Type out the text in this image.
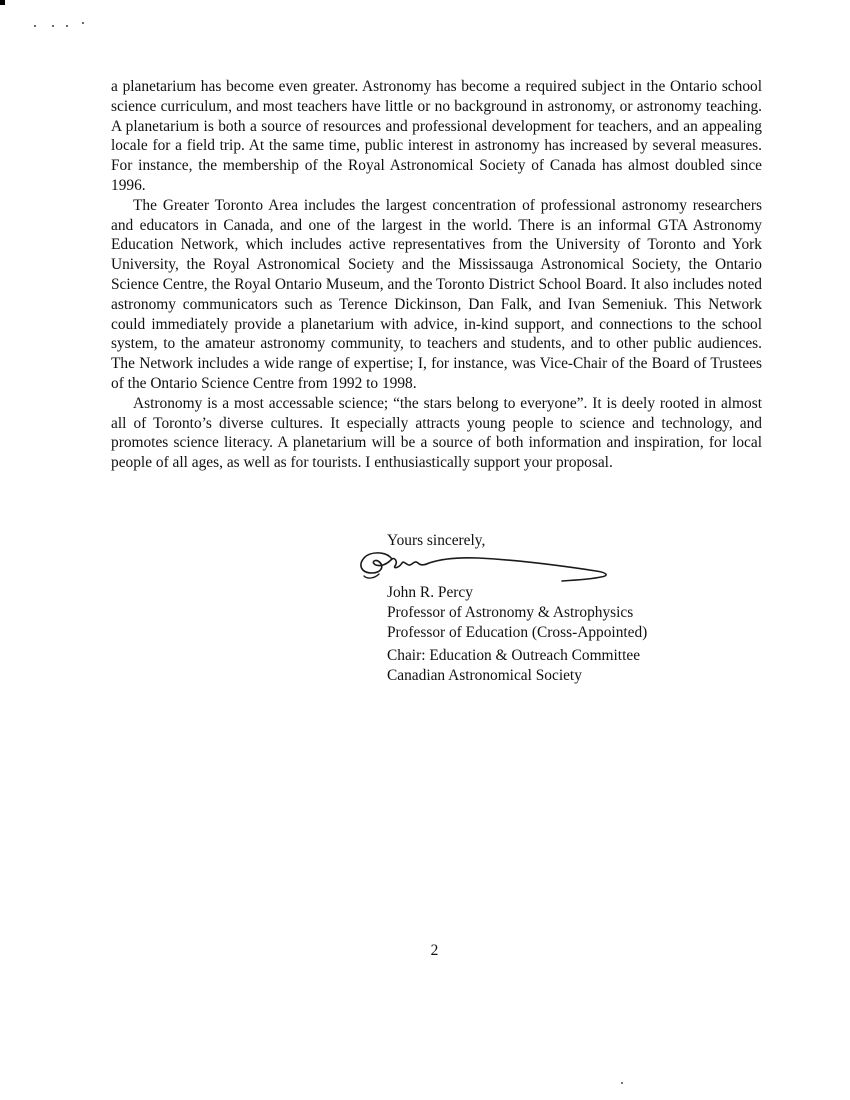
a planetarium has become even greater. Astronomy has become a required subject in the Ontario school science curriculum, and most teachers have little or no background in astronomy, or astronomy teaching. A planetarium is both a source of resources and professional development for teachers, and an appealing locale for a field trip. At the same time, public interest in astronomy has increased by several measures. For instance, the membership of the Royal Astronomical Society of Canada has almost doubled since 1996.

The Greater Toronto Area includes the largest concentration of professional astronomy researchers and educators in Canada, and one of the largest in the world. There is an informal GTA Astronomy Education Network, which includes active representatives from the University of Toronto and York University, the Royal Astronomical Society and the Mississauga Astronomical Society, the Ontario Science Centre, the Royal Ontario Museum, and the Toronto District School Board. It also includes noted astronomy communicators such as Terence Dickinson, Dan Falk, and Ivan Semeniuk. This Network could immediately provide a planetarium with advice, in-kind support, and connections to the school system, to the amateur astronomy community, to teachers and students, and to other public audiences. The Network includes a wide range of expertise; I, for instance, was Vice-Chair of the Board of Trustees of the Ontario Science Centre from 1992 to 1998.

Astronomy is a most accessable science; “the stars belong to everyone”. It is deely rooted in almost all of Toronto’s diverse cultures. It especially attracts young people to science and technology, and promotes science literacy. A planetarium will be a source of both information and inspiration, for local people of all ages, as well as for tourists. I enthusiastically support your proposal.

Yours sincerely,
John R. Percy
Professor of Astronomy & Astrophysics
Professor of Education (Cross-Appointed)
Chair: Education & Outreach Committee
Canadian Astronomical Society
2
